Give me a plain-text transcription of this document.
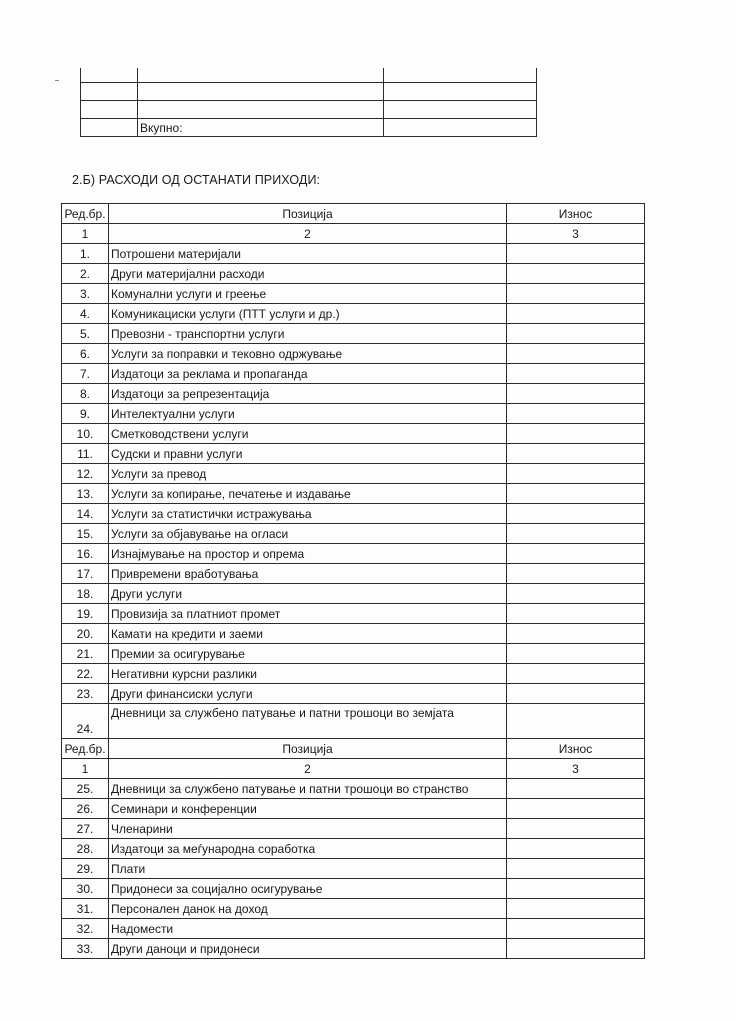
	Вкупно:	
2.Б) РАСХОДИ ОД ОСТАНАТИ ПРИХОДИ:
Ред.бр.	Позиција	Износ
1	2	3
1.	Потрошени материјали	
2.	Други материјални расходи	
3.	Комунални услуги и греење	
4.	Комуникациски услуги (ПТТ услуги и др.)	
5.	Превозни - транспортни услуги	
6.	Услуги за поправки и тековно одржување	
7.	Издатоци за реклама и пропаганда	
8.	Издатоци за репрезентација	
9.	Интелектуални услуги	
10.	Сметководствени услуги	
11.	Судски и правни услуги	
12.	Услуги за превод	
13.	Услуги за копирање, печатење и издавање	
14.	Услуги за статистички истражувања	
15.	Услуги за објавување на огласи	
16.	Изнајмување на простор и опрема	
17.	Привремени вработувања	
18.	Други услуги	
19.	Провизија за платниот промет	
20.	Камати на кредити и заеми	
21.	Премии за осигурување	
22.	Негативни курсни разлики	
23.	Други финансиски услуги	
24.	Дневници за службено патување и патни трошоци во земјата	
Ред.бр.	Позиција	Износ
1	2	3
25.	Дневници за службено патување и патни трошоци во странство	
26.	Семинари и конференции	
27.	Членарини	
28.	Издатоци за меѓународна соработка	
29.	Плати	
30.	Придонеси за социјално осигурување	
31.	Персонален данок на доход	
32.	Надомести	
33.	Други даноци и придонеси	
